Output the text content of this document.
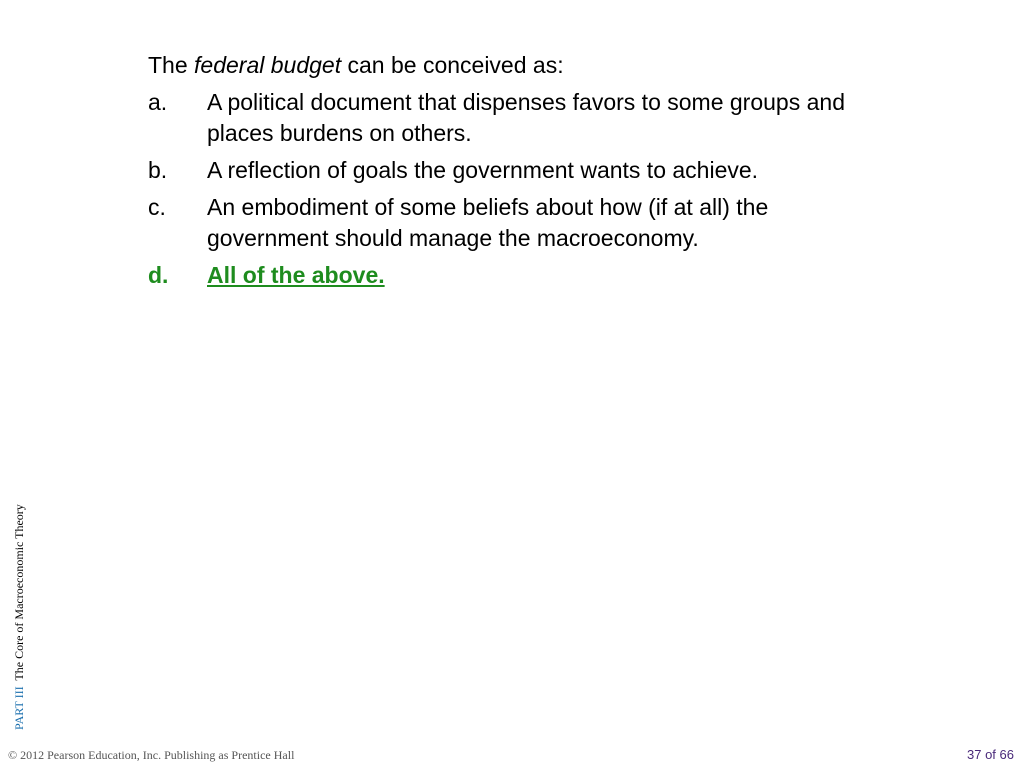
The federal budget can be conceived as:
a.	A political document that dispenses favors to some groups and places burdens on others.
b.	A reflection of goals the government wants to achieve.
c.	An embodiment of some beliefs about how (if at all) the government should manage the macroeconomy.
d.	All of the above.
PART III  The Core of Macroeconomic Theory
© 2012 Pearson Education, Inc. Publishing as Prentice Hall	37 of 66
